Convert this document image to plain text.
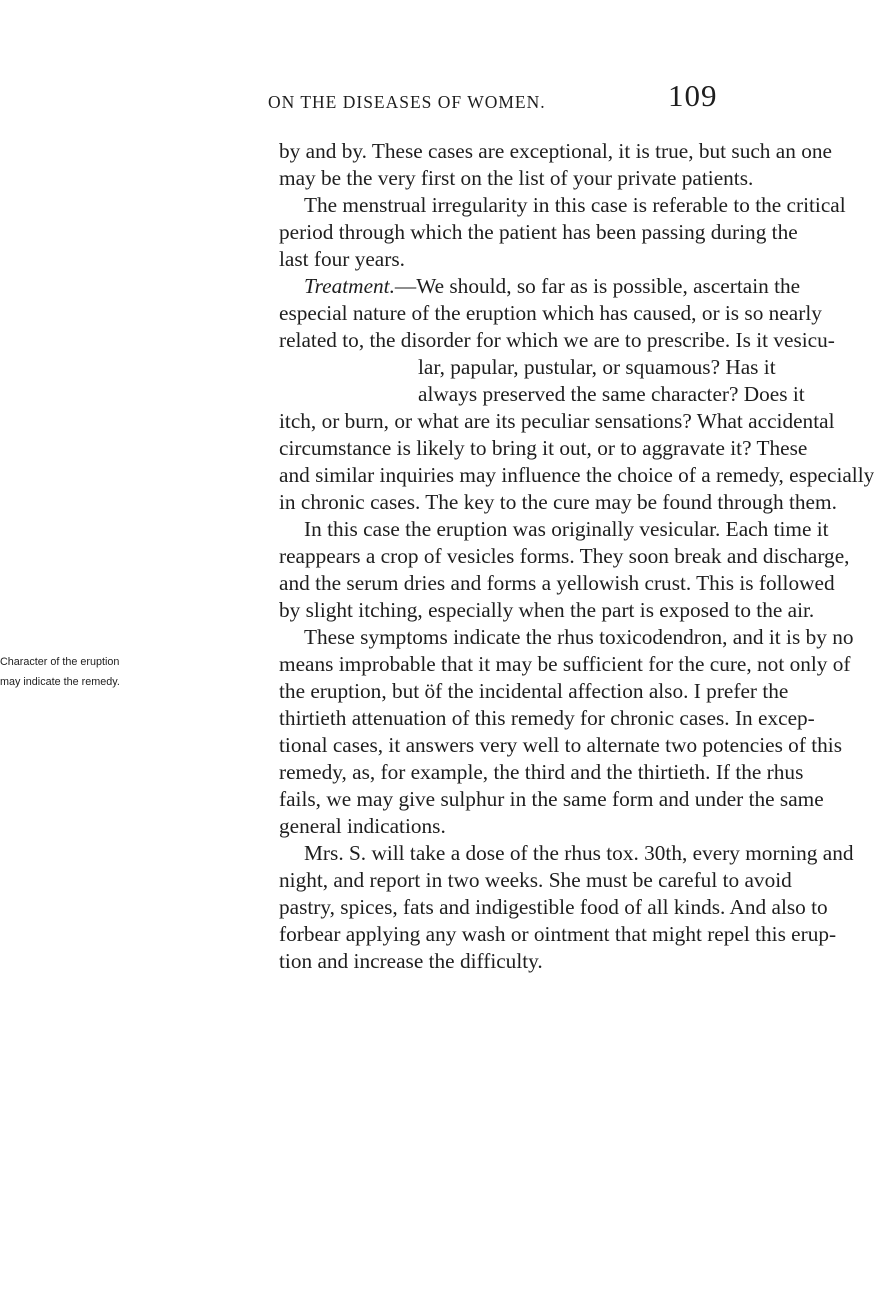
ON THE DISEASES OF WOMEN.	109
Character of the eruption
may indicate the remedy.
by and by. These cases are exceptional, it is true, but such an one
may be the very first on the list of your private patients.
The menstrual irregularity in this case is referable to the critical
period through which the patient has been passing during the
last four years.
Treatment.—We should, so far as is possible, ascertain the
especial nature of the eruption which has caused, or is so nearly
related to, the disorder for which we are to prescribe. Is it vesicu-
lar, papular, pustular, or squamous? Has it
always preserved the same character? Does it
itch, or burn, or what are its peculiar sensations? What accidental
circumstance is likely to bring it out, or to aggravate it? These
and similar inquiries may influence the choice of a remedy, especially
in chronic cases. The key to the cure may be found through them.
In this case the eruption was originally vesicular. Each time it
reappears a crop of vesicles forms. They soon break and discharge,
and the serum dries and forms a yellowish crust. This is followed
by slight itching, especially when the part is exposed to the air.
These symptoms indicate the rhus toxicodendron, and it is by no
means improbable that it may be sufficient for the cure, not only of
the eruption, but öf the incidental affection also. I prefer the
thirtieth attenuation of this remedy for chronic cases. In excep-
tional cases, it answers very well to alternate two potencies of this
remedy, as, for example, the third and the thirtieth. If the rhus
fails, we may give sulphur in the same form and under the same
general indications.
Mrs. S. will take a dose of the rhus tox. 30th, every morning and
night, and report in two weeks. She must be careful to avoid
pastry, spices, fats and indigestible food of all kinds. And also to
forbear applying any wash or ointment that might repel this erup-
tion and increase the difficulty.
